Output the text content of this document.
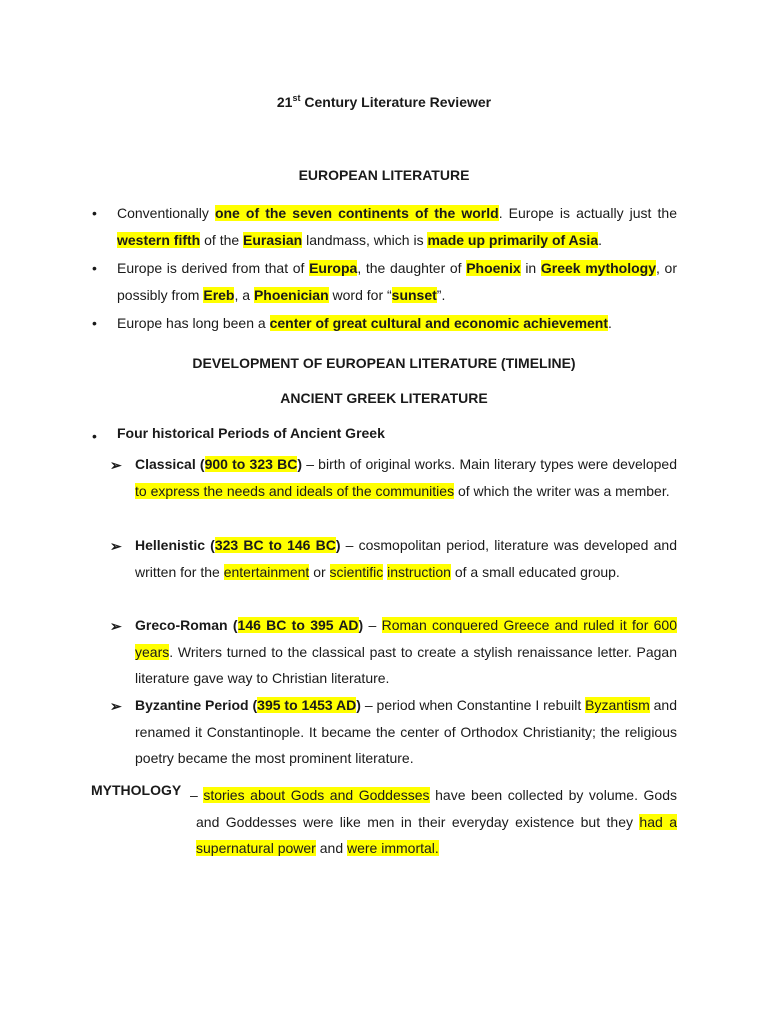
21st Century Literature Reviewer
EUROPEAN LITERATURE
• Conventionally one of the seven continents of the world. Europe is actually just the western fifth of the Eurasian landmass, which is made up primarily of Asia.
• Europe is derived from that of Europa, the daughter of Phoenix in Greek mythology, or possibly from Ereb, a Phoenician word for “sunset”.
• Europe has long been a center of great cultural and economic achievement.
DEVELOPMENT OF EUROPEAN LITERATURE (TIMELINE)
ANCIENT GREEK LITERATURE
• Four historical Periods of Ancient Greek
➢ Classical (900 to 323 BC) – birth of original works. Main literary types were developed to express the needs and ideals of the communities of which the writer was a member.
➢ Hellenistic (323 BC to 146 BC) – cosmopolitan period, literature was developed and written for the entertainment or scientific instruction of a small educated group.
➢ Greco-Roman (146 BC to 395 AD) – Roman conquered Greece and ruled it for 600 years. Writers turned to the classical past to create a stylish renaissance letter. Pagan literature gave way to Christian literature.
➢ Byzantine Period (395 to 1453 AD) – period when Constantine I rebuilt Byzantism and renamed it Constantinople. It became the center of Orthodox Christianity; the religious poetry became the most prominent literature.
MYTHOLOGY – stories about Gods and Goddesses have been collected by volume. Gods and Goddesses were like men in their everyday existence but they had a supernatural power and were immortal.
